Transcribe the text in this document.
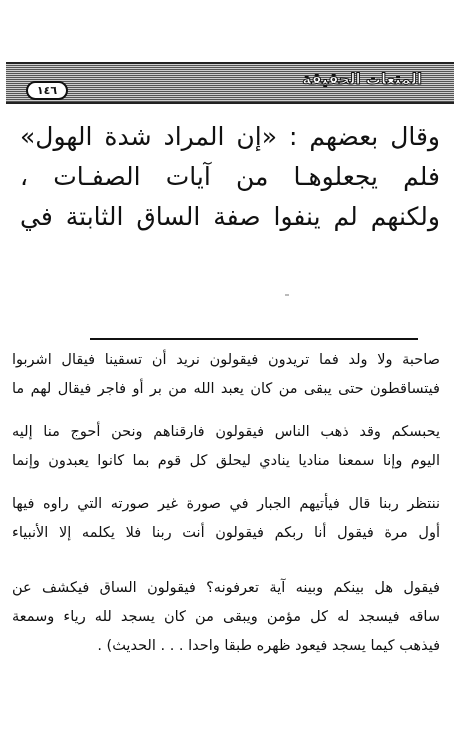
المتعات الحقيقة
١٤٦

وقال بعضهم : «إن المراد شدة الهول»

فلم يجعلوهـا من آيات الصفـات ،

ولكنهم لم ينفوا صفة الساق الثابتة في

صاحبة ولا ولد فما تريدون فيقولون نريد أن تسقينا فيقال اشربوا

فيتساقطون حتى يبقى من كان يعبد الله من بر أو فاجر فيقال لهم ما

يحبسكم وقد ذهب الناس فيقولون فارقناهم ونحن أحوج منا إليه

اليوم وإنا سمعنا مناديا ينادي ليحلق كل قوم بما كانوا يعبدون وإنما

ننتظر ربنا قال فيأتيهم الجبار في صورة غير صورته التي راوه فيها

أول مرة فيقول أنا ربكم فيقولون أنت ربنا فلا يكلمه إلا الأنبياء

فيقول هل بينكم وبينه آية تعرفونه؟ فيقولون الساق فيكشف عن

ساقه فيسجد له كل مؤمن ويبقى من كان يسجد لله رياء وسمعة

فيذهب كيما يسجد فيعود ظهره طبقا واحدا . . . الحديث) .
